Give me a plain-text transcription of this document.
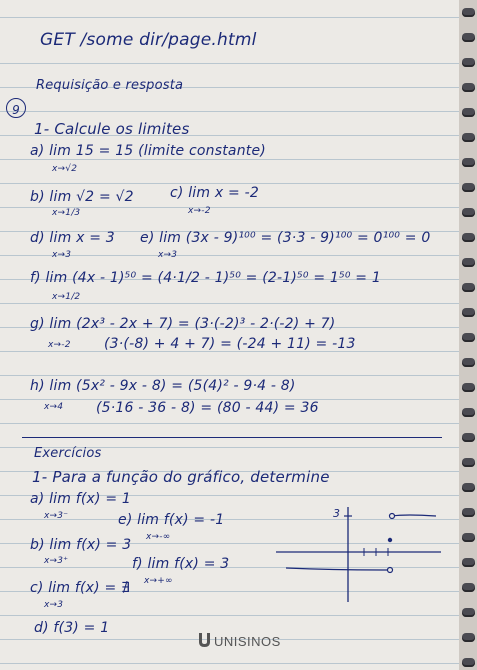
GET /some dir/page.html
Requisição e resposta
9
1- Calcule os limites
a) lim 15 = 15 (limite constante)
x→√2
b) lim √2 = √2
x→1/3
c) lim x = -2
x→-2
d) lim x = 3
x→3
e) lim (3x - 9)¹⁰⁰ = (3·3 - 9)¹⁰⁰ = 0¹⁰⁰ = 0
x→3
f) lim (4x - 1)⁵⁰ = (4·1/2 - 1)⁵⁰ = (2-1)⁵⁰ = 1⁵⁰ = 1
x→1/2
g) lim (2x³ - 2x + 7) = (3·(-2)³ - 2·(-2) + 7)
x→-2 (3·(-8) + 4 + 7) = (-24 + 11) = -13
h) lim (5x² - 9x - 8) = (5(4)² - 9·4 - 8)
x→4 (5·16 - 36 - 8) = (80 - 44) = 36
Exercícios
1- Para a função do gráfico, determine
a) lim f(x) = 1
x→3⁻	e) lim f(x) = -1
x→-∞
b) lim f(x) = 3
x→3⁺	f) lim f(x) = 3
x→+∞
c) lim f(x) = ∄
x→3
d) f(3) = 1
3
UNISINOS
